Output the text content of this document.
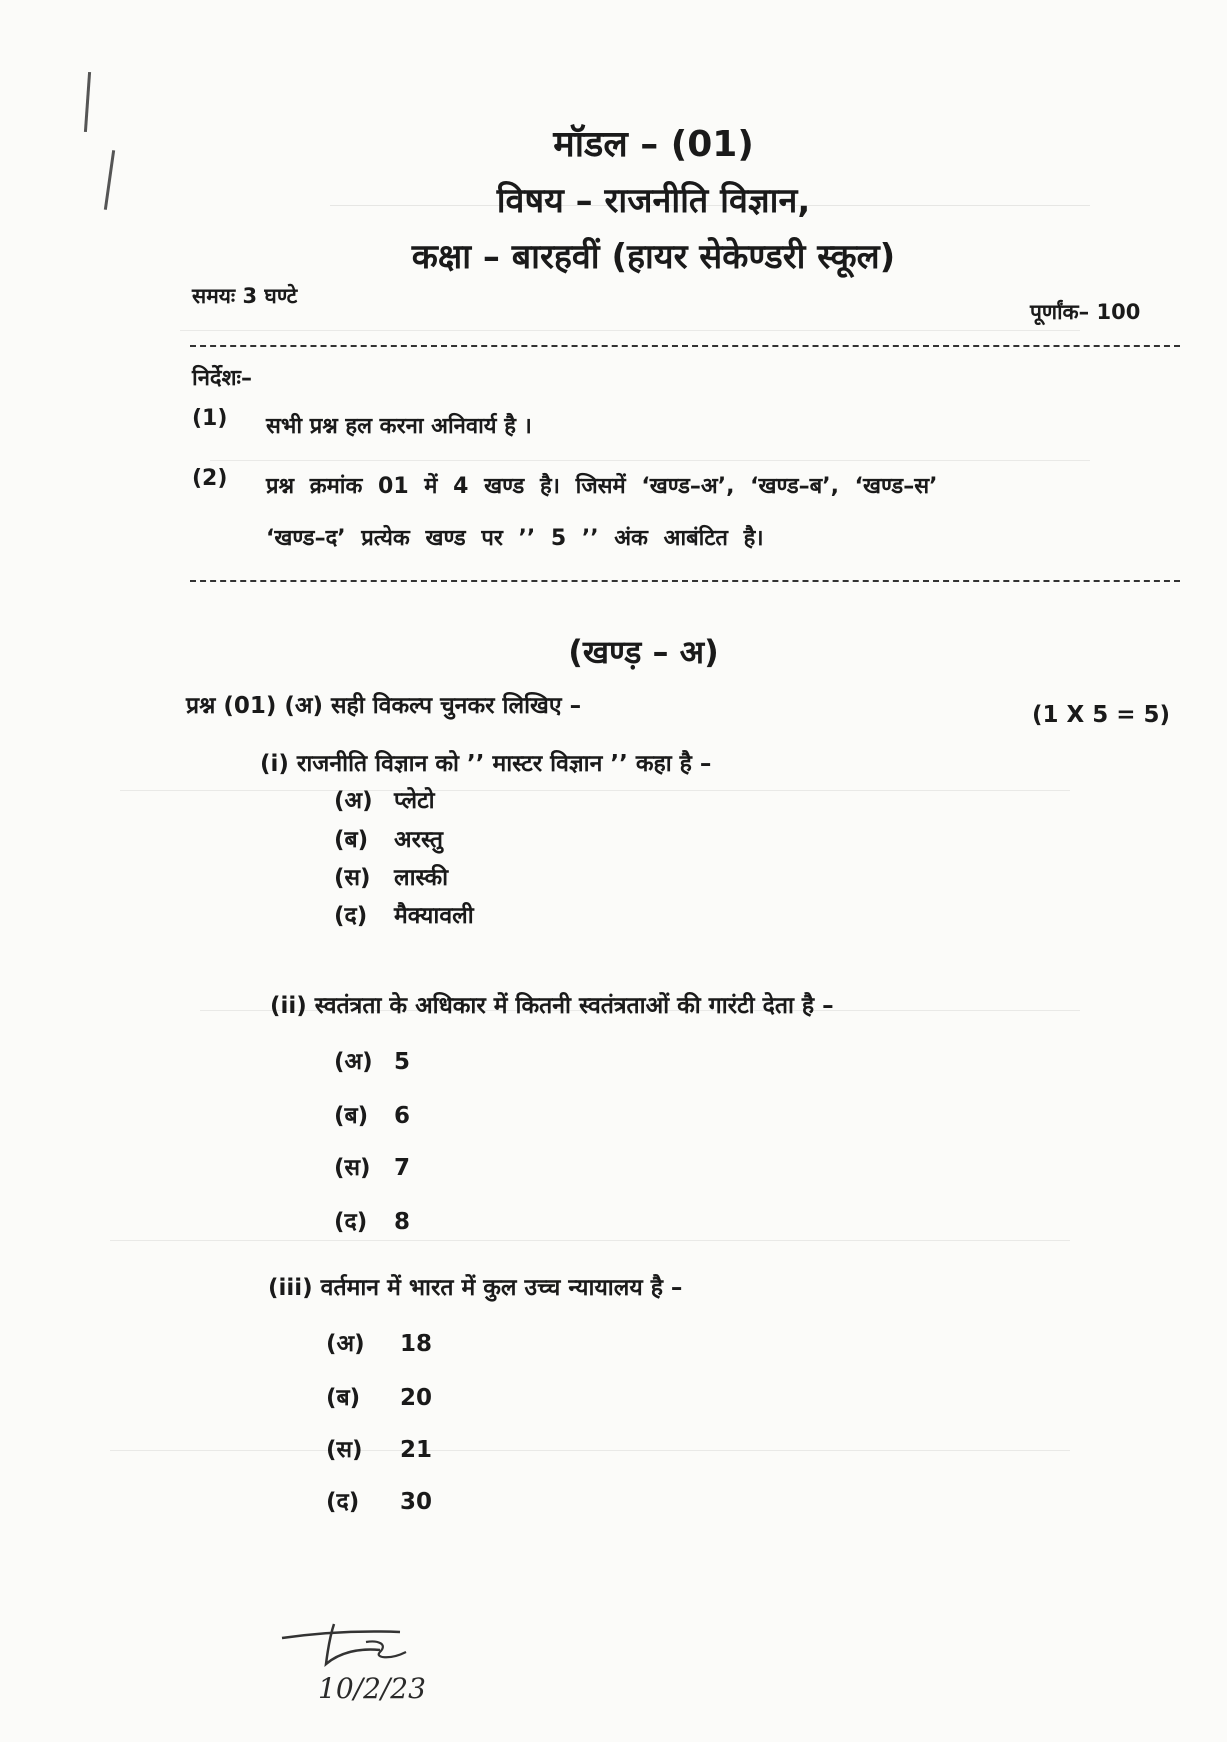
मॉडल – (01)
विषय – राजनीति विज्ञान,
कक्षा – बारहवीं (हायर सेकेण्डरी स्कूल)
समयः 3 घण्टे
पूर्णांक– 100
निर्देशः–
(1) सभी प्रश्न हल करना अनिवार्य है ।
(2) प्रश्न क्रमांक 01 में 4 खण्ड है। जिसमें ‘खण्ड–अ’, ‘खण्ड–ब’, ‘खण्ड–स’
‘खण्ड–द’ प्रत्येक खण्ड पर ’’ 5 ’’ अंक आबंटित है।
(खण्ड़ – अ)
प्रश्न (01) (अ) सही विकल्प चुनकर लिखिए –	(1 X 5 = 5)
(i) राजनीति विज्ञान को ’’ मास्टर विज्ञान ’’ कहा है –
(अ) प्लेटो
(ब) अरस्तु
(स) लास्की
(द) मैक्यावली
(ii) स्वतंत्रता के अधिकार में कितनी स्वतंत्रताओं की गारंटी देता है –
(अ) 5
(ब) 6
(स) 7
(द) 8
(iii) वर्तमान में भारत में कुल उच्च न्यायालय है –
(अ) 18
(ब) 20
(स) 21
(द) 30
10/2/23
